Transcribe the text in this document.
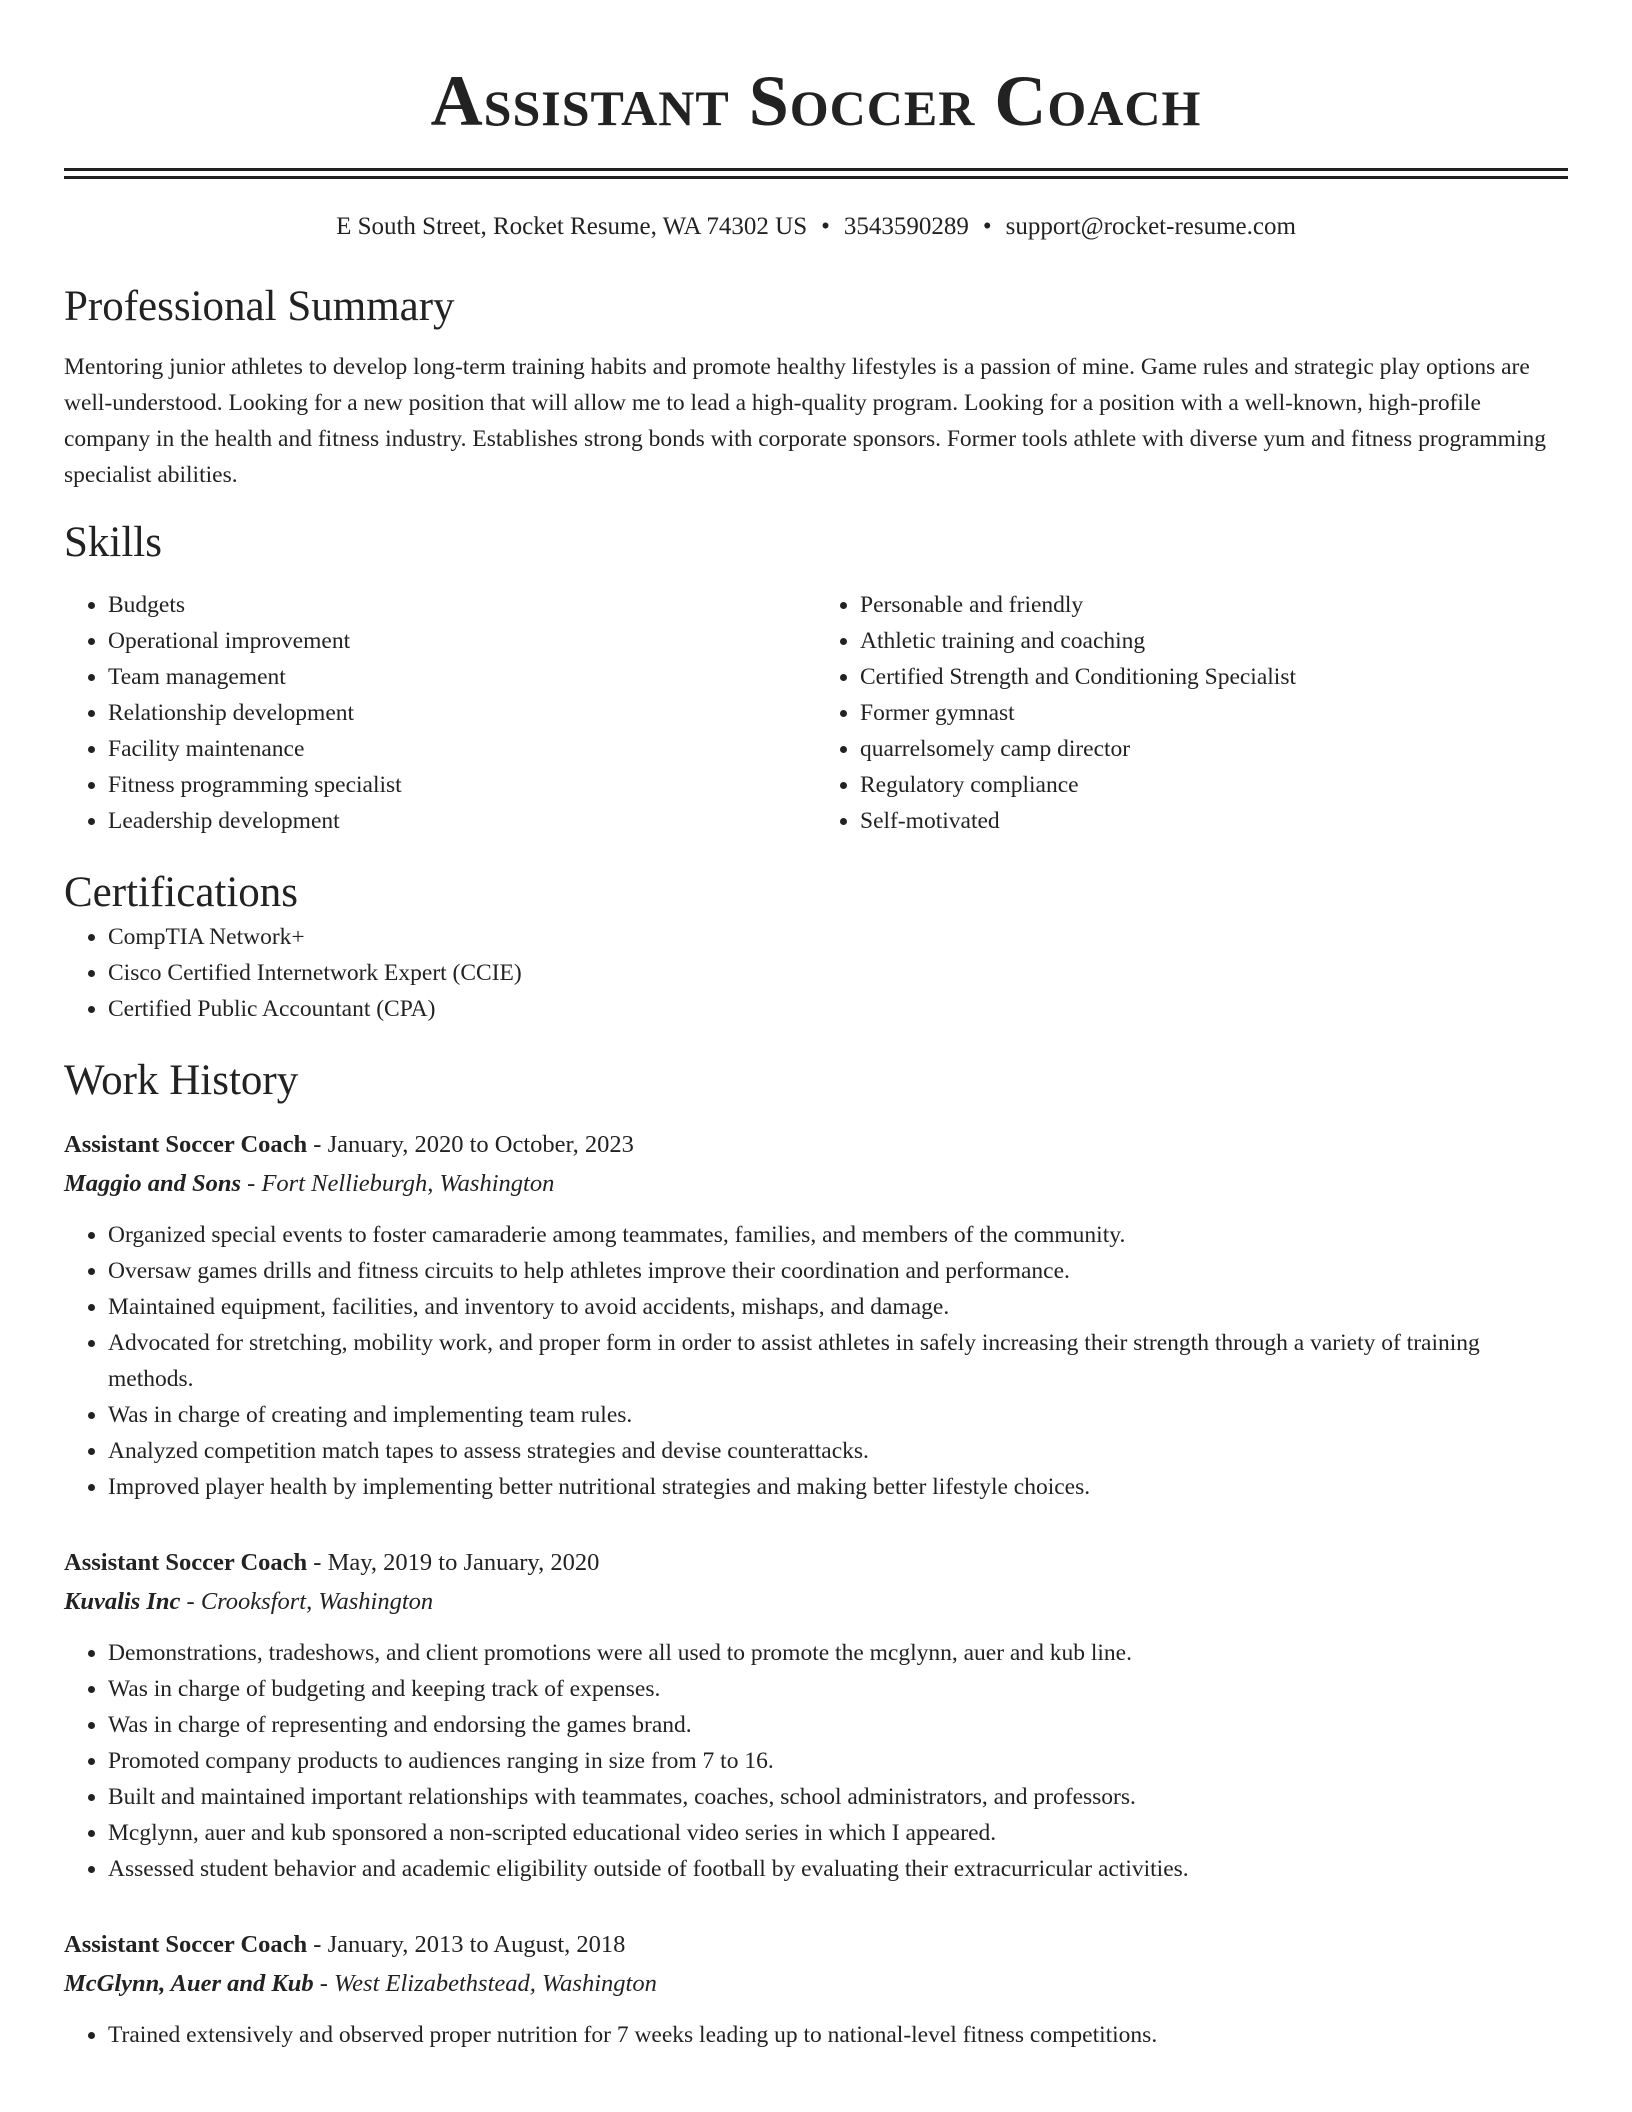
Assistant Soccer Coach
E South Street, Rocket Resume, WA 74302 US • 3543590289 • support@rocket-resume.com
Professional Summary

Mentoring junior athletes to develop long-term training habits and promote healthy lifestyles is a passion of mine. Game rules and strategic play options are well-understood. Looking for a new position that will allow me to lead a high-quality program. Looking for a position with a well-known, high-profile company in the health and fitness industry. Establishes strong bonds with corporate sponsors. Former tools athlete with diverse yum and fitness programming specialist abilities.

Skills
• Budgets
• Operational improvement
• Team management
• Relationship development
• Facility maintenance
• Fitness programming specialist
• Leadership development
• Personable and friendly
• Athletic training and coaching
• Certified Strength and Conditioning Specialist
• Former gymnast
• quarrelsomely camp director
• Regulatory compliance
• Self-motivated
Certifications
• CompTIA Network+
• Cisco Certified Internetwork Expert (CCIE)
• Certified Public Accountant (CPA)
Work History
Assistant Soccer Coach - January, 2020 to October, 2023
Maggio and Sons - Fort Nellieburgh, Washington
• Organized special events to foster camaraderie among teammates, families, and members of the community.
• Oversaw games drills and fitness circuits to help athletes improve their coordination and performance.
• Maintained equipment, facilities, and inventory to avoid accidents, mishaps, and damage.
• Advocated for stretching, mobility work, and proper form in order to assist athletes in safely increasing their strength through a variety of training methods.
• Was in charge of creating and implementing team rules.
• Analyzed competition match tapes to assess strategies and devise counterattacks.
• Improved player health by implementing better nutritional strategies and making better lifestyle choices.
Assistant Soccer Coach - May, 2019 to January, 2020
Kuvalis Inc - Crooksfort, Washington
• Demonstrations, tradeshows, and client promotions were all used to promote the mcglynn, auer and kub line.
• Was in charge of budgeting and keeping track of expenses.
• Was in charge of representing and endorsing the games brand.
• Promoted company products to audiences ranging in size from 7 to 16.
• Built and maintained important relationships with teammates, coaches, school administrators, and professors.
• Mcglynn, auer and kub sponsored a non-scripted educational video series in which I appeared.
• Assessed student behavior and academic eligibility outside of football by evaluating their extracurricular activities.
Assistant Soccer Coach - January, 2013 to August, 2018
McGlynn, Auer and Kub - West Elizabethstead, Washington
• Trained extensively and observed proper nutrition for 7 weeks leading up to national-level fitness competitions.
